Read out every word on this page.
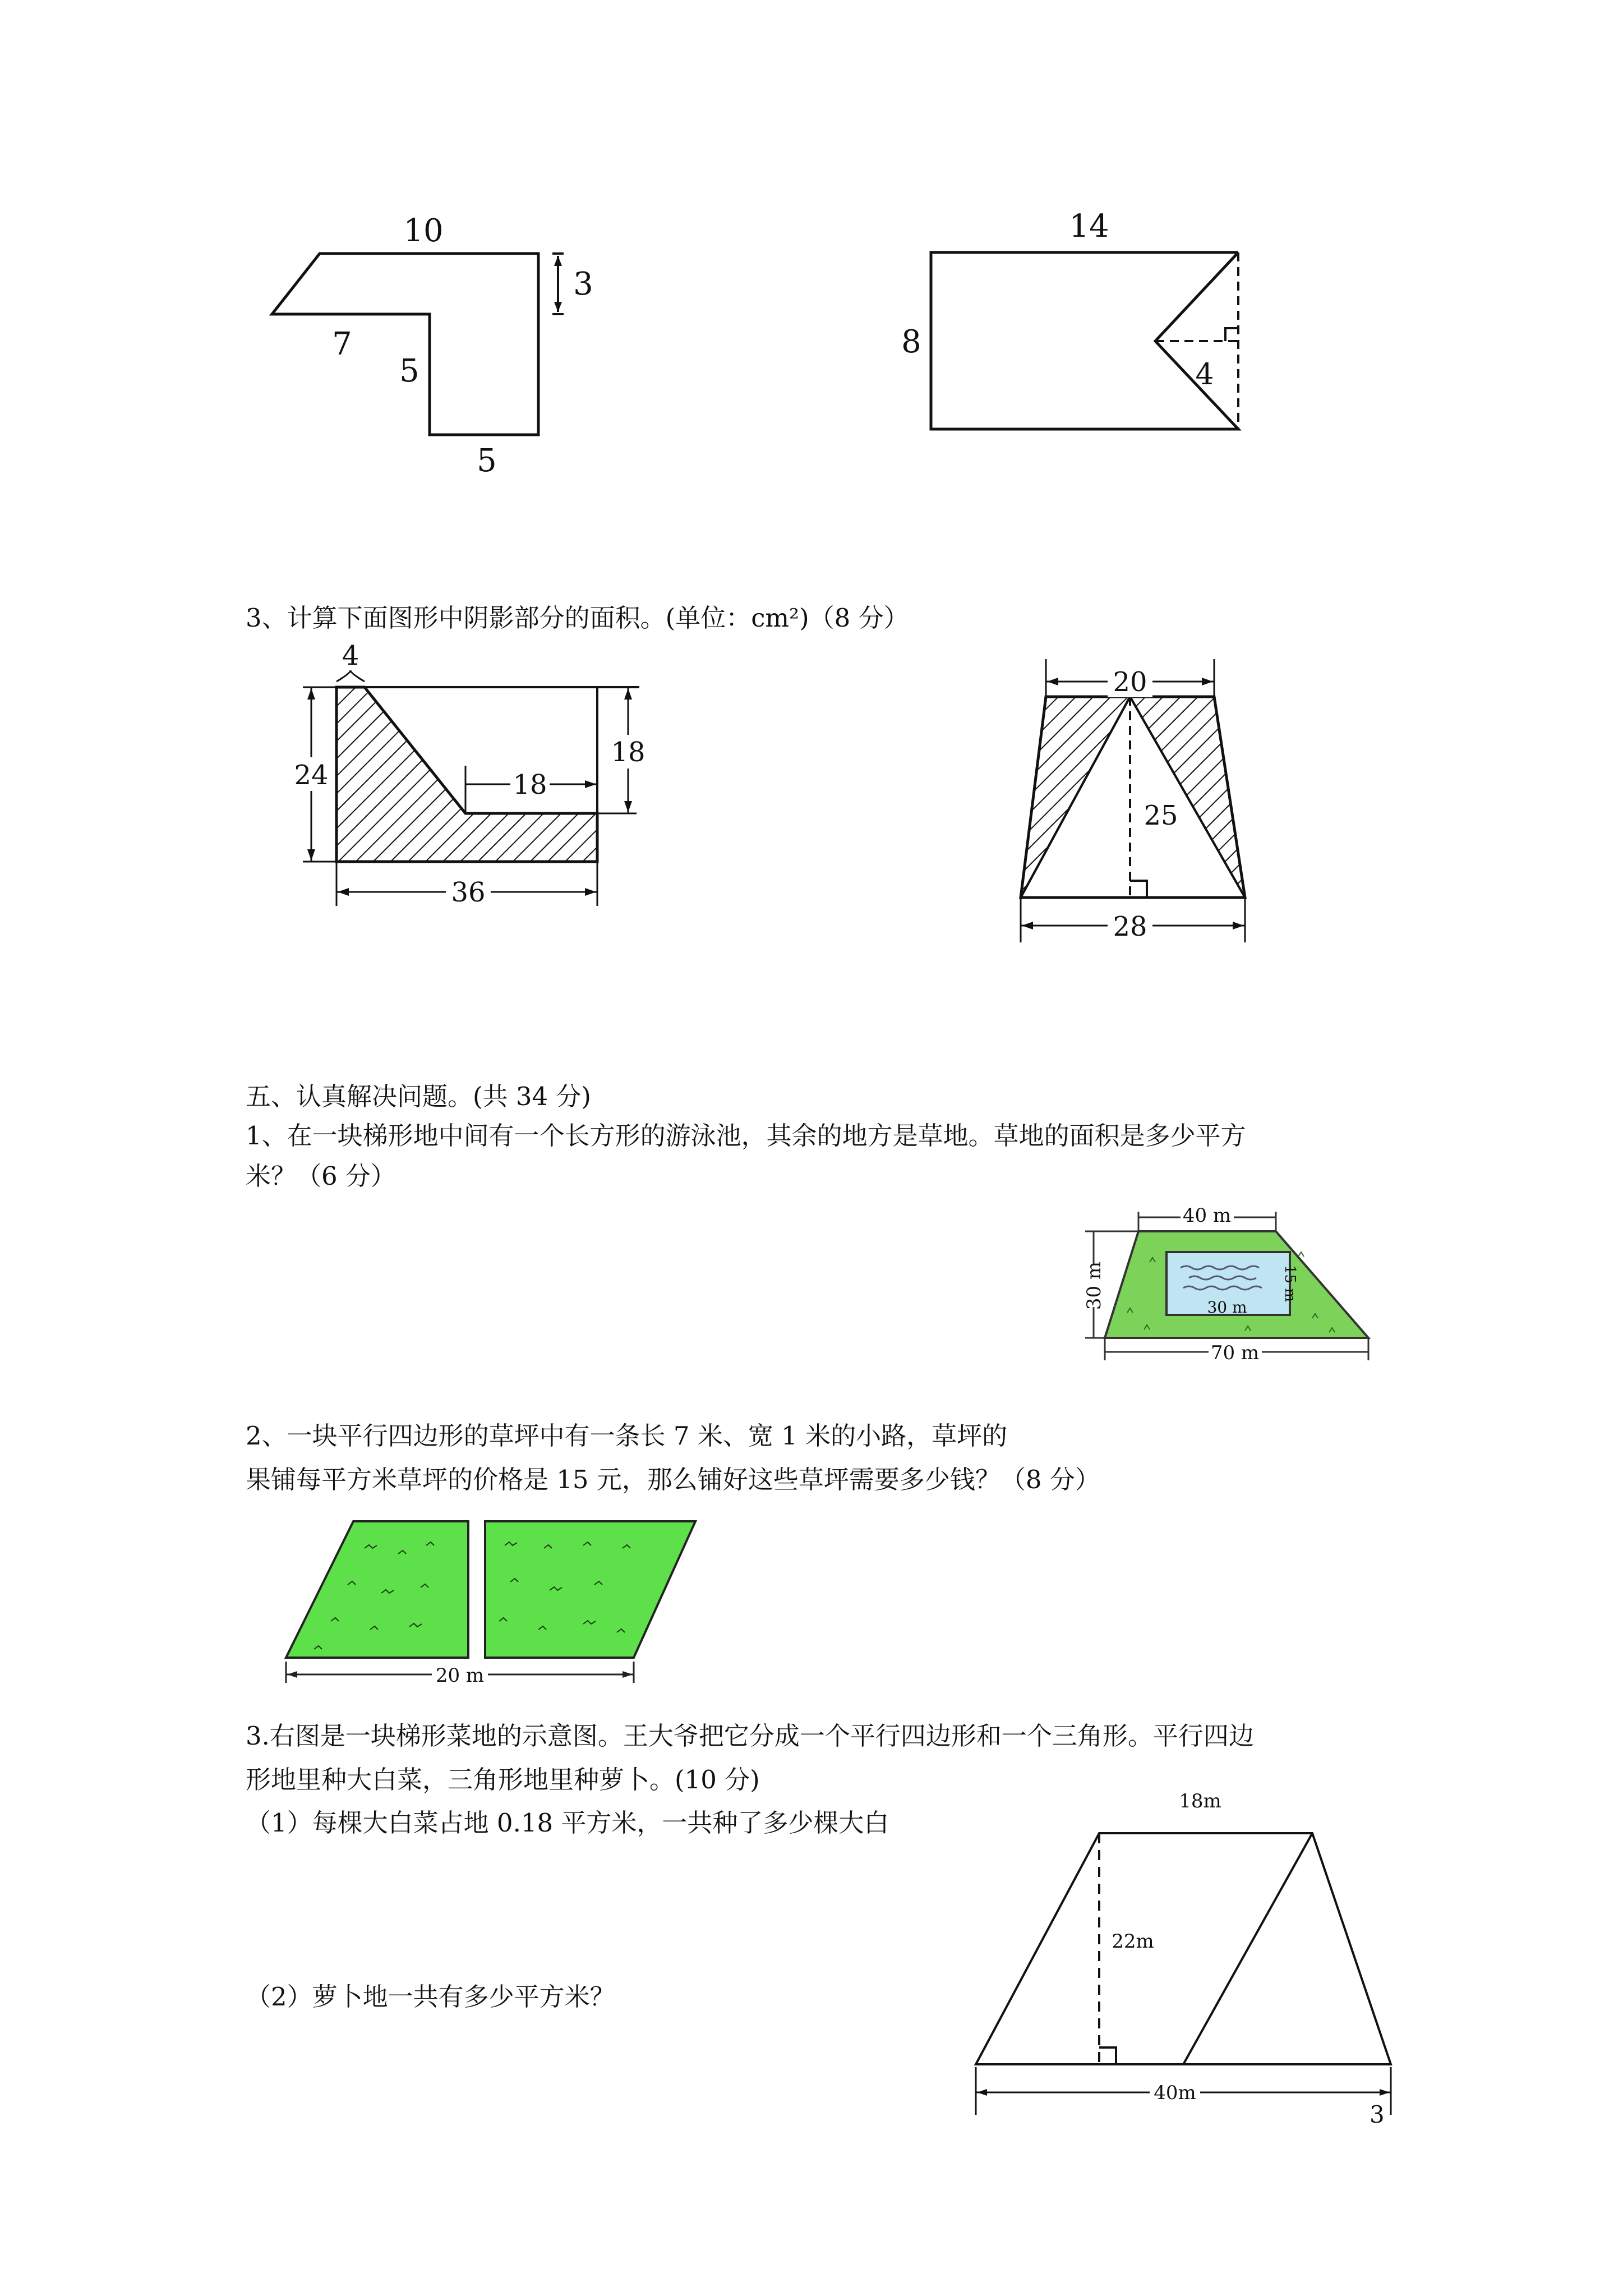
10
3
7
5
5
14
8
4
3、计算下面图形中阴影部分的面积。(单位：cm²)（8 分）
4
24
18
18
36
20
25
28
五、认真解决问题。(共 34 分)
1、在一块梯形地中间有一个长方形的游泳池，其余的地方是草地。草地的面积是多少平方
米？（6 分）
40 m
30 m	15 m
30 m
70 m
2、一块平行四边形的草坪中有一条长 7 米、宽 1 米的小路，草坪的
果铺每平方米草坪的价格是 15 元，那么铺好这些草坪需要多少钱？（8 分）
20 m
3.右图是一块梯形菜地的示意图。王大爷把它分成一个平行四边形和一个三角形。平行四边
形地里种大白菜，三角形地里种萝卜。(10 分)
（1）每棵大白菜占地 0.18 平方米，一共种了多少棵大白
（2）萝卜地一共有多少平方米？
18m
22m
40m
3
